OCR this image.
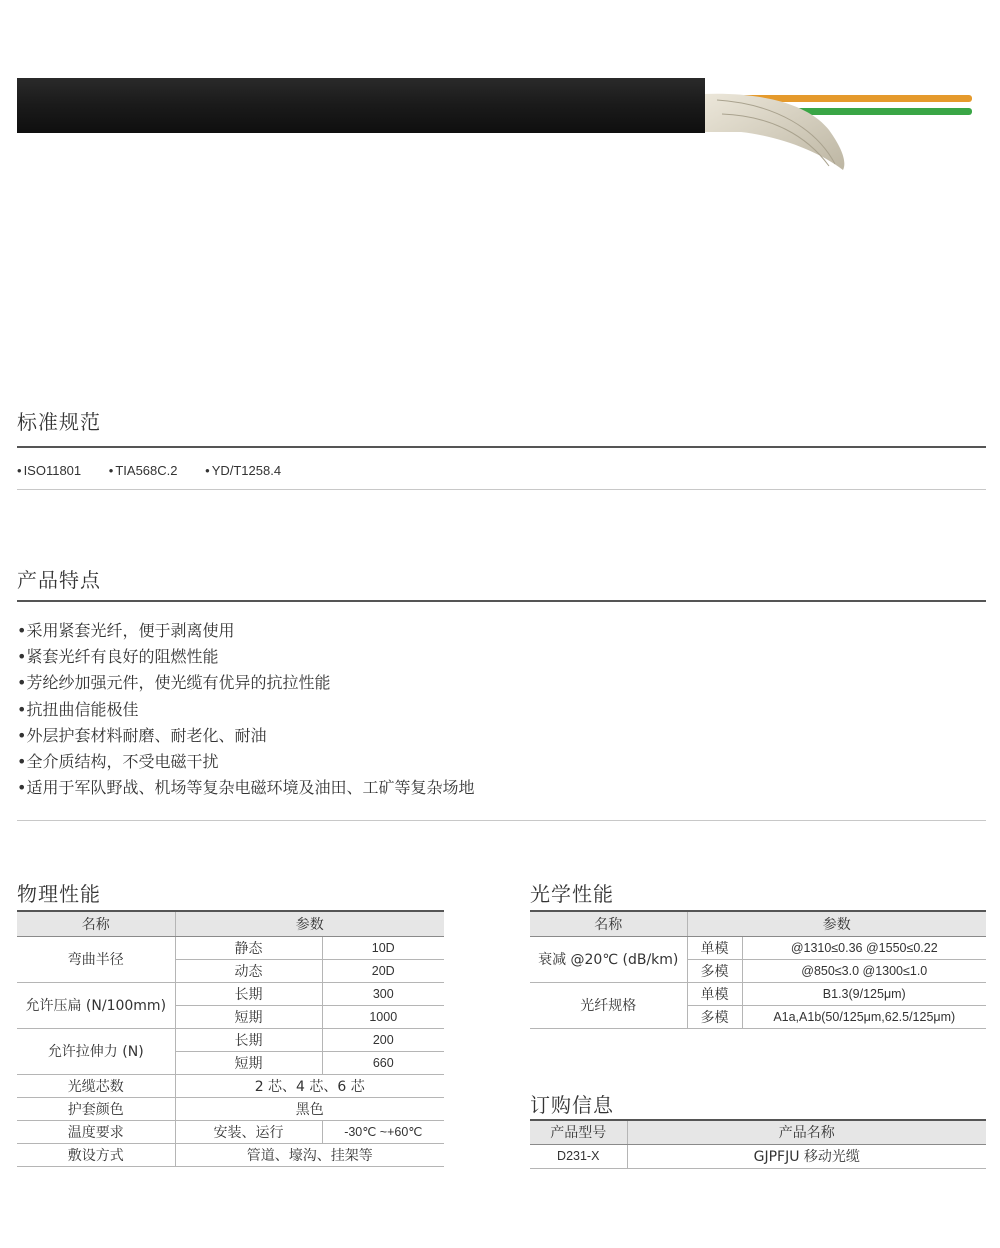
标准规范
• ISO11801 • TIA568C.2 • YD/T1258.4
产品特点
•采用紧套光纤，便于剥离使用
•紧套光纤有良好的阻燃性能
•芳纶纱加强元件，使光缆有优异的抗拉性能
•抗扭曲信能极佳
•外层护套材料耐磨、耐老化、耐油
•全介质结构，不受电磁干扰
•适用于军队野战、机场等复杂电磁环境及油田、工矿等复杂场地
物理性能
名称	参数	
弯曲半径	静态	10D
	动态	20D
允许压扁 (N/100mm)	长期	300
	短期	1000
允许拉伸力 (N)	长期	200
	短期	660
光缆芯数	2 芯、4 芯、6 芯	
护套颜色	黑色	
温度要求	安装、运行	-30℃ ~+60℃
敷设方式	管道、壕沟、挂架等	
光学性能
名称	参数	
衰减 @20℃ (dB/km)	单模	@1310≤0.36 @1550≤0.22
	多模	@850≤3.0 @1300≤1.0
光纤规格	单模	B1.3(9/125μm)
	多模	A1a,A1b(50/125μm,62.5/125μm)
订购信息
产品型号	产品名称
D231-X	GJPFJU 移动光缆
